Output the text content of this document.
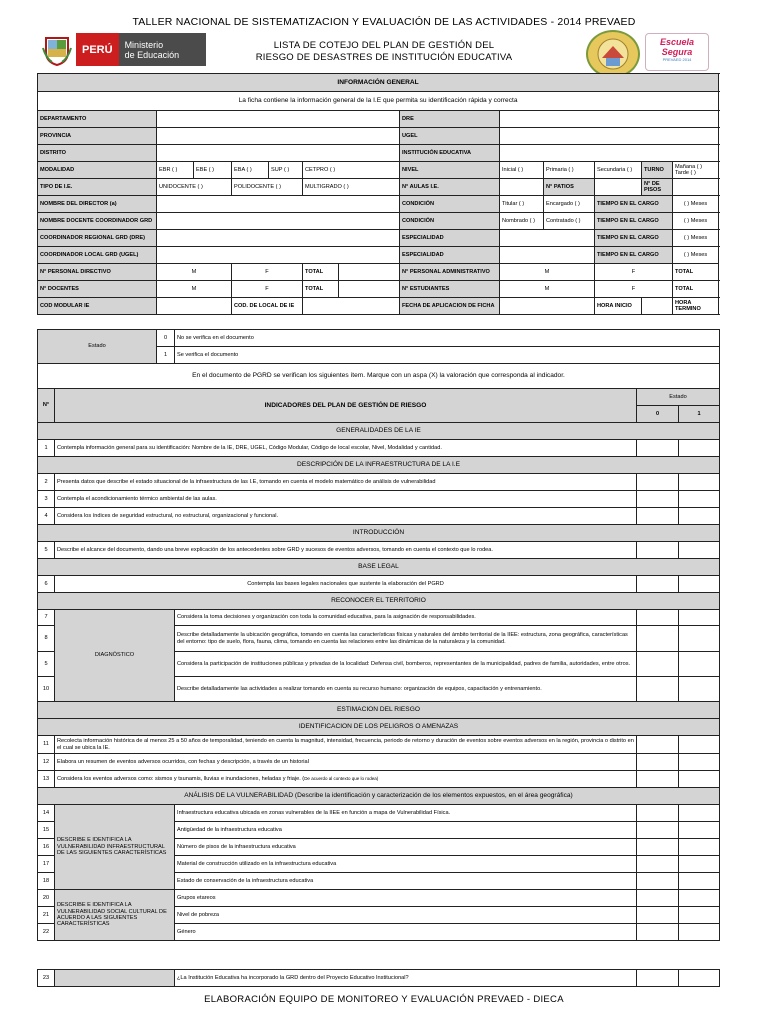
TALLER NACIONAL DE SISTEMATIZACION Y EVALUACIÓN DE LAS ACTIVIDADES - 2014 PREVAED
PERÚ	Ministerio
de Educación
LISTA DE COTEJO DEL PLAN DE GESTIÓN DEL
RIESGO DE DESASTRES DE INSTITUCIÓN EDUCATIVA
Escuela
Segura
PREVAED 2014
INFORMACIÓN GENERAL													
La ficha contiene la información general de la I.E que permita su identificación rápida y correcta													
DEPARTAMENTO							DRE						
PROVINCIA							UGEL						
DISTRITO							INSTITUCIÓN EDUCATIVA						
MODALIDAD	EBR ( )	EBE ( )	EBA ( )	SUP ( )	CETPRO ( )		NIVEL	Inicial ( )	Primaria ( )	Secundaria ( )	TURNO	Mañana ( )   Tarde ( )	
TIPO DE I.E.	UNIDOCENTE ( )		POLIDOCENTE ( )		MULTIGRADO ( )		N° AULAS I.E.		N° PATIOS		N° DE PISOS		
NOMBRE DEL DIRECTOR (a)							CONDICIÓN	Titular ( )	Encargado ( )	TIEMPO EN EL CARGO		( ) Meses	
NOMBRE DOCENTE COORDINADOR GRD							CONDICIÓN	Nombrado ( )	Contratado ( )	TIEMPO EN EL CARGO		( ) Meses	
COORDINADOR REGIONAL GRD (DRE)							ESPECIALIDAD			TIEMPO EN EL CARGO		( ) Meses	
COORDINADOR LOCAL GRD (UGEL)							ESPECIALIDAD			TIEMPO EN EL CARGO		( ) Meses	
N° PERSONAL DIRECTIVO	M		F		TOTAL		N° PERSONAL ADMINISTRATIVO	M		F		TOTAL	
N° DOCENTES	M		F		TOTAL		N° ESTUDIANTES	M		F		TOTAL	
COD MODULAR IE			COD. DE LOCAL DE IE				FECHA DE APLICACION DE FICHA			HORA INICIO		HORA TERMINO	
Estado		0	No se verifica en el documento		
		1	Se verifica el documento		
En el documento de PGRD se verifican los siguientes ítem. Marque con un aspa (X) la valoración que corresponda al indicador.					
N°	INDICADORES DEL PLAN DE GESTIÓN DE RIESGO			Estado	
				0	1
GENERALIDADES DE LA IE					
1	Contempla información general para su identificación: Nombre de la IE, DRE, UGEL, Código Modular, Código de local escolar, Nivel, Modalidad y cantidad.				
DESCRIPCIÓN DE LA INFRAESTRUCTURA DE LA I.E					
2	Presenta datos que describe el estado situacional de la infraestructura de las I.E, tomando en cuenta el modelo matemático de análisis de vulnerabilidad				
3	Contempla el acondicionamiento térmico ambiental de las aulas.				
4	Considera los índices de seguridad estructural, no estructural, organizacional y funcional.				
INTRODUCCIÓN					
5	Describe el alcance del documento, dando una breve explicación de los antecedentes sobre GRD y sucesos de eventos adversos, tomando en cuenta el contexto que lo rodea.				
BASE LEGAL					
6	Contempla las bases legales nacionales que sustente la elaboración del PGRD				
RECONOCER EL TERRITORIO					
7	DIAGNÓSTICO		Considera la toma decisiones y organización con toda la comunidad educativa, para la asignación de responsabilidades.		
8			Describe detalladamente la ubicación geográfica, tomando en cuenta las características físicas y naturales del ámbito territorial de la IIEE: estructura, zona geográfica, características del entorno: tipo de suelo, flora, fauna, clima, tomando en cuenta las relaciones entre las dinámicas de la naturaleza y la comunidad.		
5			Considera la participación de instituciones públicas y privadas de la localidad: Defensa civil, bomberos, representantes de la municipalidad, padres de familia, autoridades, entre otros.		
10			Describe detalladamente las actividades a realizar tomando en cuenta su recurso humano: organización de equipos, capacitación y entrenamiento.		
ESTIMACION DEL RIESGO					
IDENTIFICACION DE LOS PELIGROS O AMENAZAS					
11	Recolecta información histórica de al menos 25 a 50 años de temporalidad, teniendo en cuenta la magnitud, intensidad, frecuencia, periodo de retorno y duración de eventos sobre eventos adversos en la región, provincia o distrito en el cual se ubica la IE.				
12	Elabora un resumen de eventos adversos ocurridos, con fechas y descripción, a través de un historial				
13	Considera los eventos adversos como: sismos y tsunamis, lluvias e inundaciones, heladas y friaje. (De acuerdo al contexto que lo rodea)				
ANÁLISIS DE LA VULNERABILIDAD (Describe la identificación y caracterización de los elementos expuestos, en el área geográfica)					
14	DESCRIBE E IDENTIFICA LA VULNERABILIDAD INFRAESTRUCTURAL DE LAS SIGUIENTES CARACTERÍSTICAS		Infraestructura educativa ubicada en zonas vulnerables de la IIEE en función a mapa de Vulnerabilidad Física.		
15			Antigüedad de la infraestructura educativa		
16			Número de pisos de la infraestructura educativa		
17			Material de construcción utilizado en la infraestructura educativa		
18			Estado de conservación de la infraestructura educativa		
20	DESCRIBE E IDENTIFICA LA VULNERABILIDAD SOCIAL CULTURAL DE ACUERDO A LAS SIGUIENTES CARACTERÍSTICAS		Grupos etareos		
21			Nivel de pobreza		
22			Género		
23		¿La Institución Educativa ha incorporado la GRD dentro del Proyecto Educativo Institucional?		
ELABORACIÓN EQUIPO DE MONITOREO Y EVALUACIÓN PREVAED - DIECA
